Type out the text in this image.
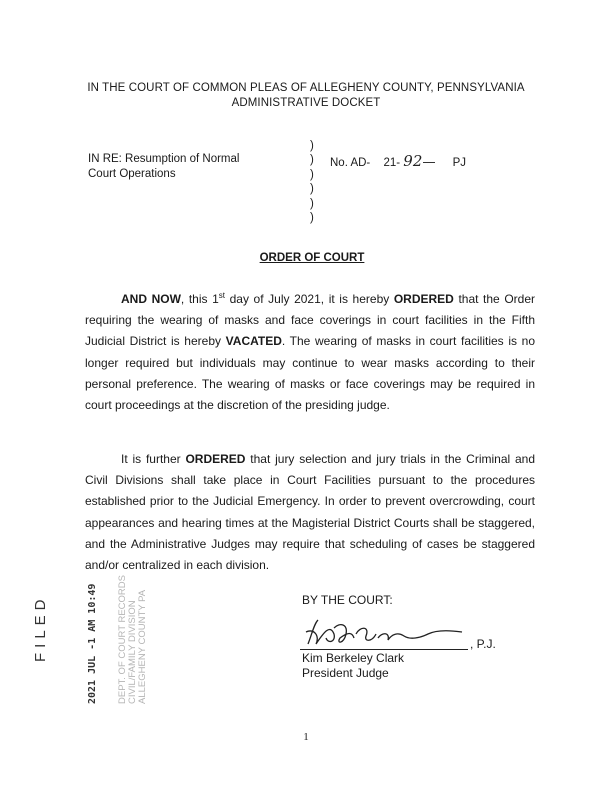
IN THE COURT OF COMMON PLEAS OF ALLEGHENY COUNTY, PENNSYLVANIA
ADMINISTRATIVE DOCKET
IN RE: Resumption of Normal
Court Operations
)
)
)
)
)
)
No. AD- 21- 92	PJ
ORDER OF COURT
AND NOW, this 1st day of July 2021, it is hereby ORDERED that the Order requiring the wearing of masks and face coverings in court facilities in the Fifth Judicial District is hereby VACATED. The wearing of masks in court facilities is no longer required but individuals may continue to wear masks according to their personal preference. The wearing of masks or face coverings may be required in court proceedings at the discretion of the presiding judge.
It is further ORDERED that jury selection and jury trials in the Criminal and Civil Divisions shall take place in Court Facilities pursuant to the procedures established prior to the Judicial Emergency. In order to prevent overcrowding, court appearances and hearing times at the Magisterial District Courts shall be staggered, and the Administrative Judges may require that scheduling of cases be staggered and/or centralized in each division.
BY THE COURT:
, P.J.
Kim Berkeley Clark
President Judge
FILED	2021 JUL -1 AM 10:49 DEPT. OF COURT RECORDS CIVIL/FAMILY DIVISION ALLEGHENY COUNTY PA
1
